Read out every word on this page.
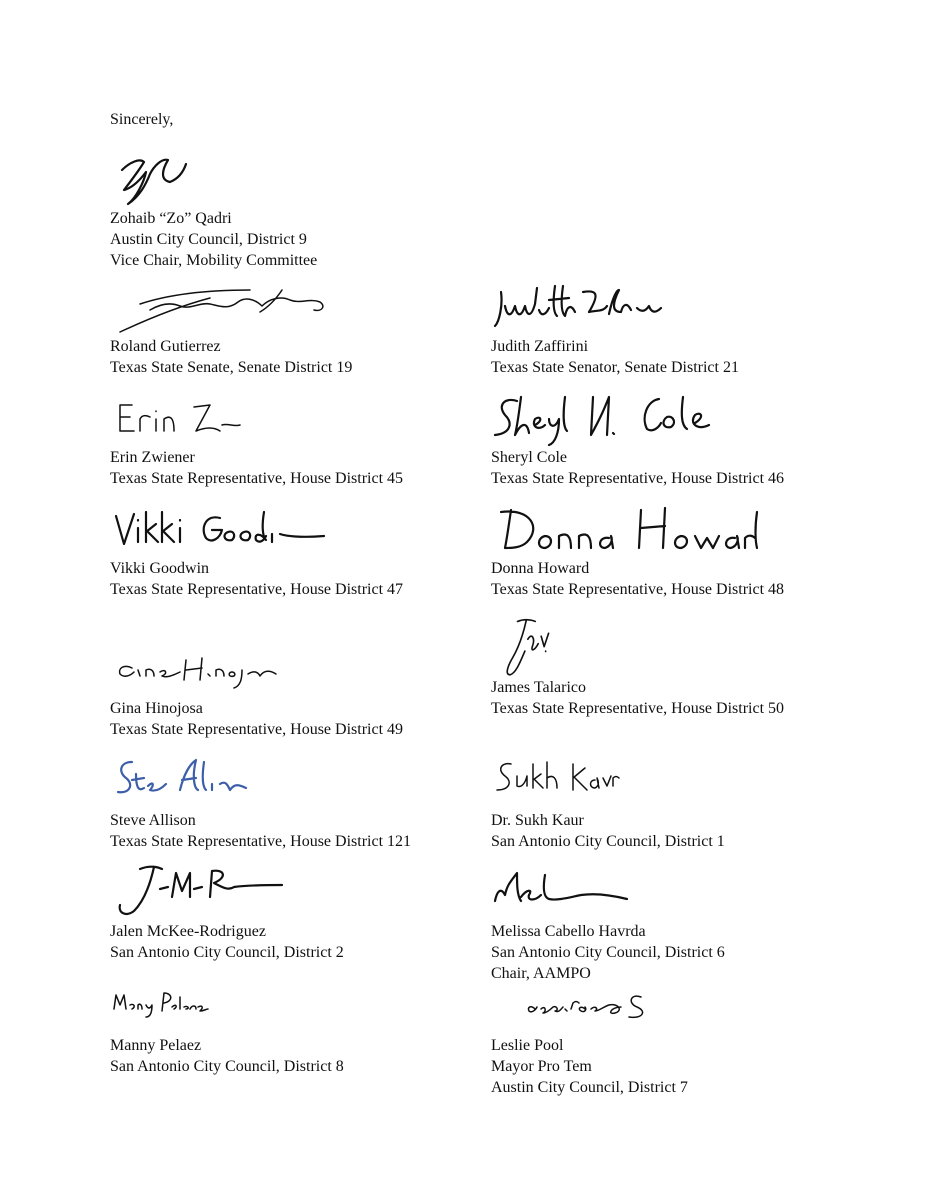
Sincerely,
Zohaib “Zo” Qadri
Austin City Council, District 9
Vice Chair, Mobility Committee
Roland Gutierrez
Texas State Senate, Senate District 19
Judith Zaffirini
Texas State Senator, Senate District 21
Erin Zwiener
Texas State Representative, House District 45
Sheryl Cole
Texas State Representative, House District 46
Vikki Goodwin
Texas State Representative, House District 47
Donna Howard
Texas State Representative, House District 48
Gina Hinojosa
Texas State Representative, House District 49
James Talarico
Texas State Representative, House District 50
Steve Allison
Texas State Representative, House District 121
Dr. Sukh Kaur
San Antonio City Council, District 1
Jalen McKee-Rodriguez
San Antonio City Council, District 2
Melissa Cabello Havrda
San Antonio City Council, District 6
Chair, AAMPO
Manny Pelaez
San Antonio City Council, District 8
Leslie Pool
Mayor Pro Tem
Austin City Council, District 7
